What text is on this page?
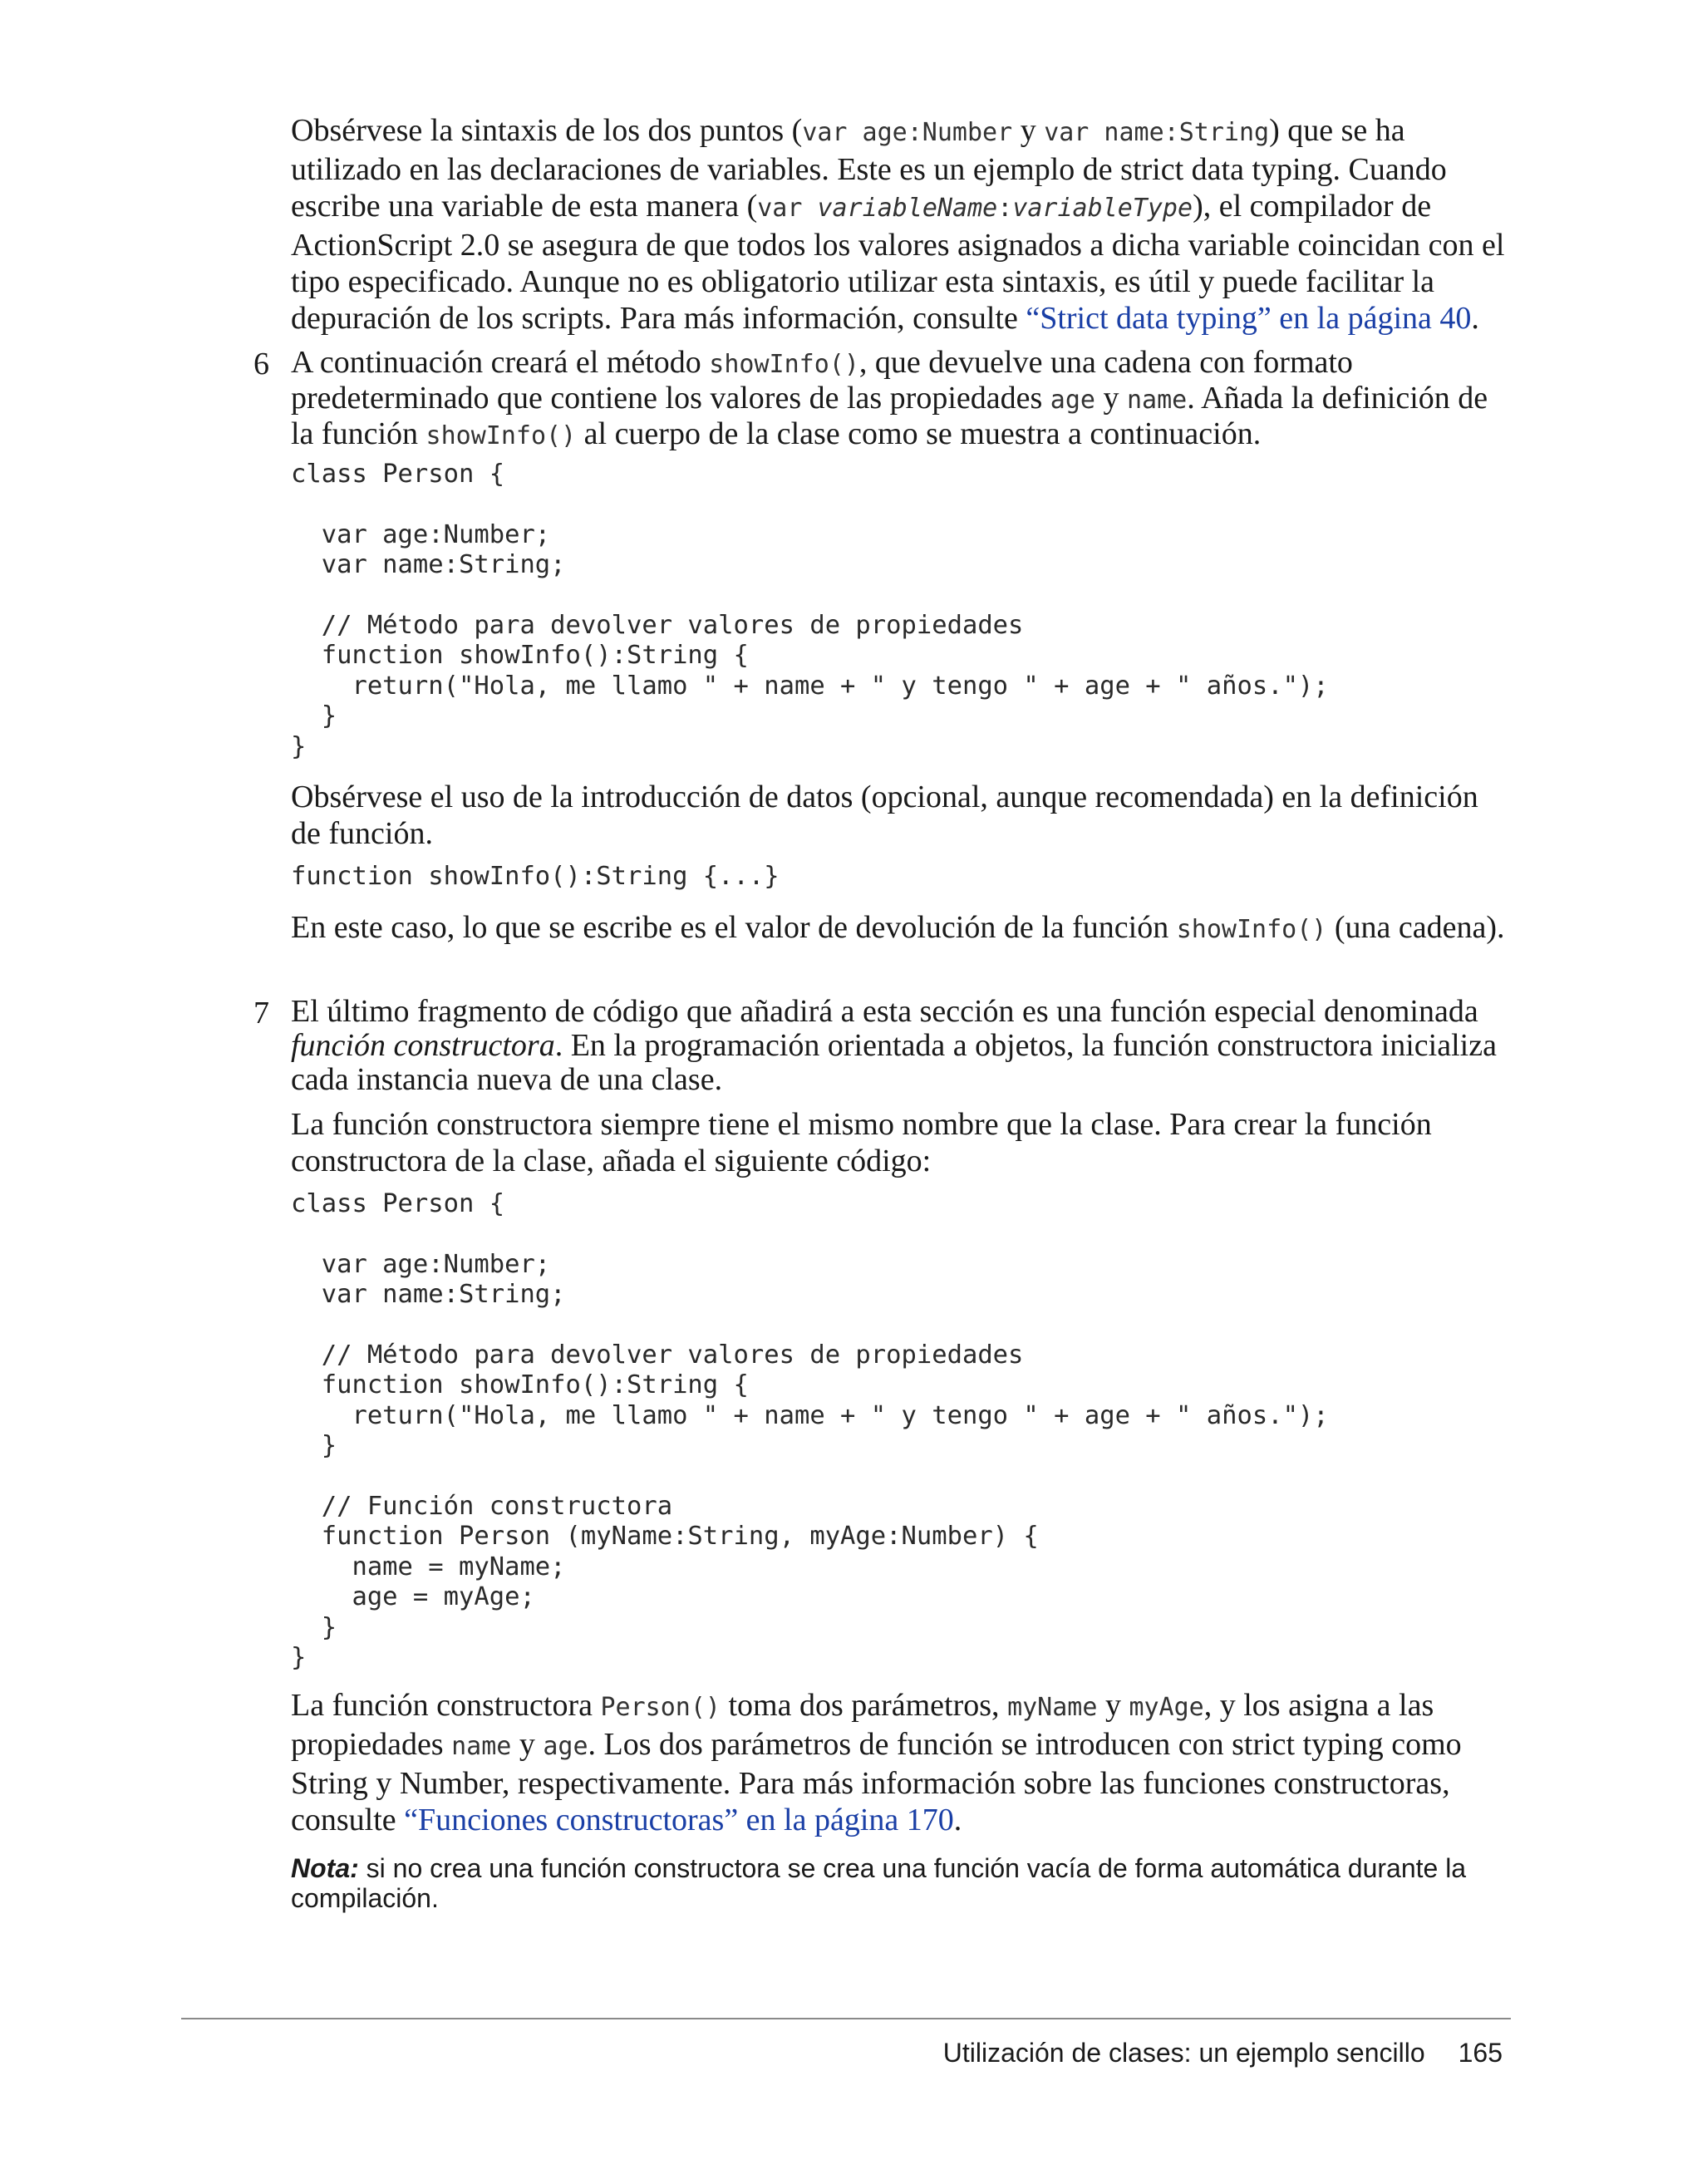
Obsérvese la sintaxis de los dos puntos (var age:Number y var name:String) que se ha utilizado en las declaraciones de variables. Este es un ejemplo de strict data typing. Cuando escribe una variable de esta manera (var variableName:variableType), el compilador de ActionScript 2.0 se asegura de que todos los valores asignados a dicha variable coincidan con el tipo especificado. Aunque no es obligatorio utilizar esta sintaxis, es útil y puede facilitar la depuración de los scripts. Para más información, consulte “Strict data typing” en la página 40.

6 A continuación creará el método showInfo(), que devuelve una cadena con formato predeterminado que contiene los valores de las propiedades age y name. Añada la definición de la función showInfo() al cuerpo de la clase como se muestra a continuación.

class Person {

var age:Number;
var name:String;

// Método para devolver valores de propiedades
function showInfo():String {
return("Hola, me llamo " + name + " y tengo " + age + " años.");
}
}

Obsérvese el uso de la introducción de datos (opcional, aunque recomendada) en la definición de función.

function showInfo():String {...}

En este caso, lo que se escribe es el valor de devolución de la función showInfo() (una cadena).

7 El último fragmento de código que añadirá a esta sección es una función especial denominada función constructora. En la programación orientada a objetos, la función constructora inicializa cada instancia nueva de una clase.

La función constructora siempre tiene el mismo nombre que la clase. Para crear la función constructora de la clase, añada el siguiente código:

class Person {

var age:Number;
var name:String;

// Método para devolver valores de propiedades
function showInfo():String {
return("Hola, me llamo " + name + " y tengo " + age + " años.");
}

// Función constructora
function Person (myName:String, myAge:Number) {
name = myName;
age = myAge;
}
}

La función constructora Person() toma dos parámetros, myName y myAge, y los asigna a las propiedades name y age. Los dos parámetros de función se introducen con strict typing como String y Number, respectivamente. Para más información sobre las funciones constructoras, consulte “Funciones constructoras” en la página 170.

Nota: si no crea una función constructora se crea una función vacía de forma automática durante la compilación.

Utilización de clases: un ejemplo sencillo 165
